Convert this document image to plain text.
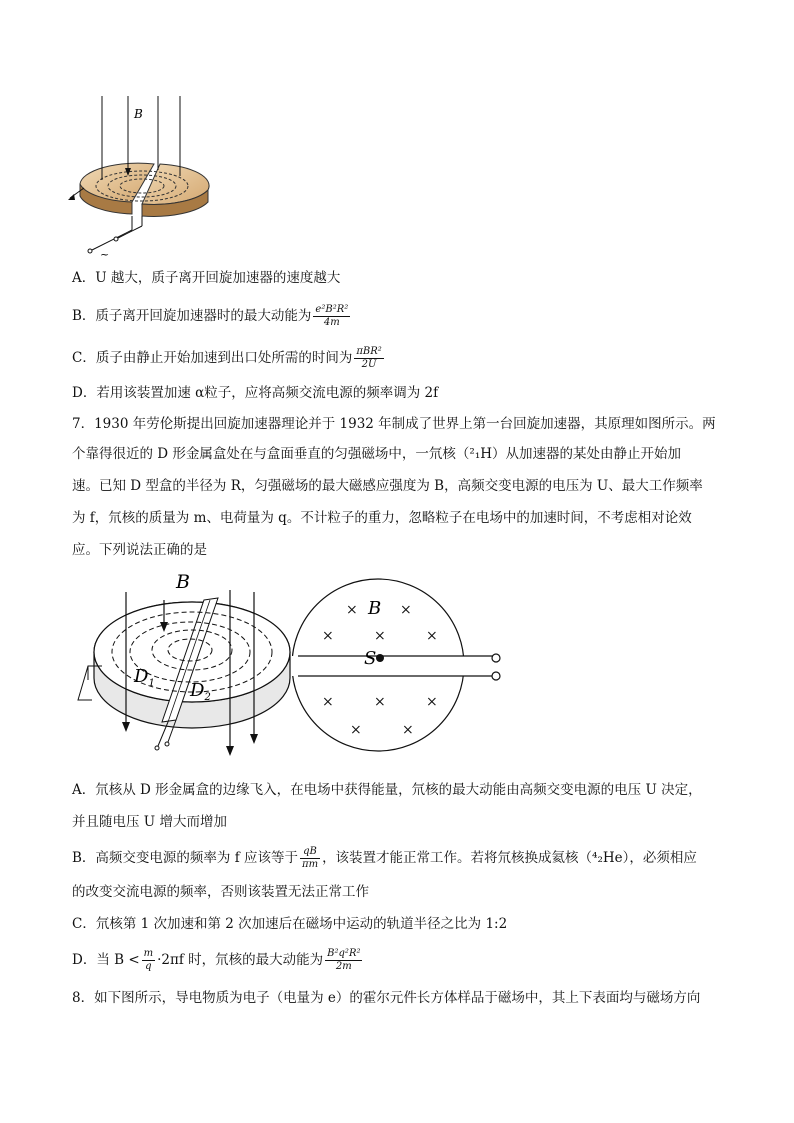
B
~
A．U 越大，质子离开回旋加速器的速度越大
B．质子离开回旋加速器时的最大动能为 $\frac{\text{e²B²R²}}{4m}$
C．质子由静止开始加速到出口处所需的时间为 $\frac{\text{πBR²}}{2U}$
D．若用该装置加速 α粒子，应将高频交流电源的频率调为 2f
7．1930 年劳伦斯提出回旋加速器理论并于 1932 年制成了世界上第一台回旋加速器，其原理如图所示。两
个靠得很近的 D 形金属盒处在与盒面垂直的匀强磁场中，一氘核（²₁H）从加速器的某处由静止开始加
速。已知 D 型盒的半径为 R，匀强磁场的最大磁感应强度为 B，高频交变电源的电压为 U、最大工作频率
为 f，氘核的质量为 m、电荷量为 q。不计粒子的重力，忽略粒子在电场中的加速时间，不考虑相对论效
应。下列说法正确的是
B
$D_1$ $D_2$
S
B
×	×
×	×	×
×	×	×
×	×
A．氘核从 D 形金属盒的边缘飞入，在电场中获得能量，氘核的最大动能由高频交变电源的电压 U 决定，
并且随电压 U 增大而增加
B．高频交变电源的频率为 f 应该等于 $\frac{qB}{\pi m}$ ，该装置才能正常工作。若将氘核换成氦核（⁴₂He），必须相应
的改变交流电源的频率，否则该装置无法正常工作
C．氘核第 1 次加速和第 2 次加速后在磁场中运动的轨道半径之比为 1:2
D．当 $B < \frac{m}{q} \cdot 2\pi f$ 时，氘核的最大动能为 $\frac{\text{B²q²R²}}{2m}$
8．如下图所示，导电物质为电子（电量为 e）的霍尔元件长方体样品于磁场中，其上下表面均与磁场方向
